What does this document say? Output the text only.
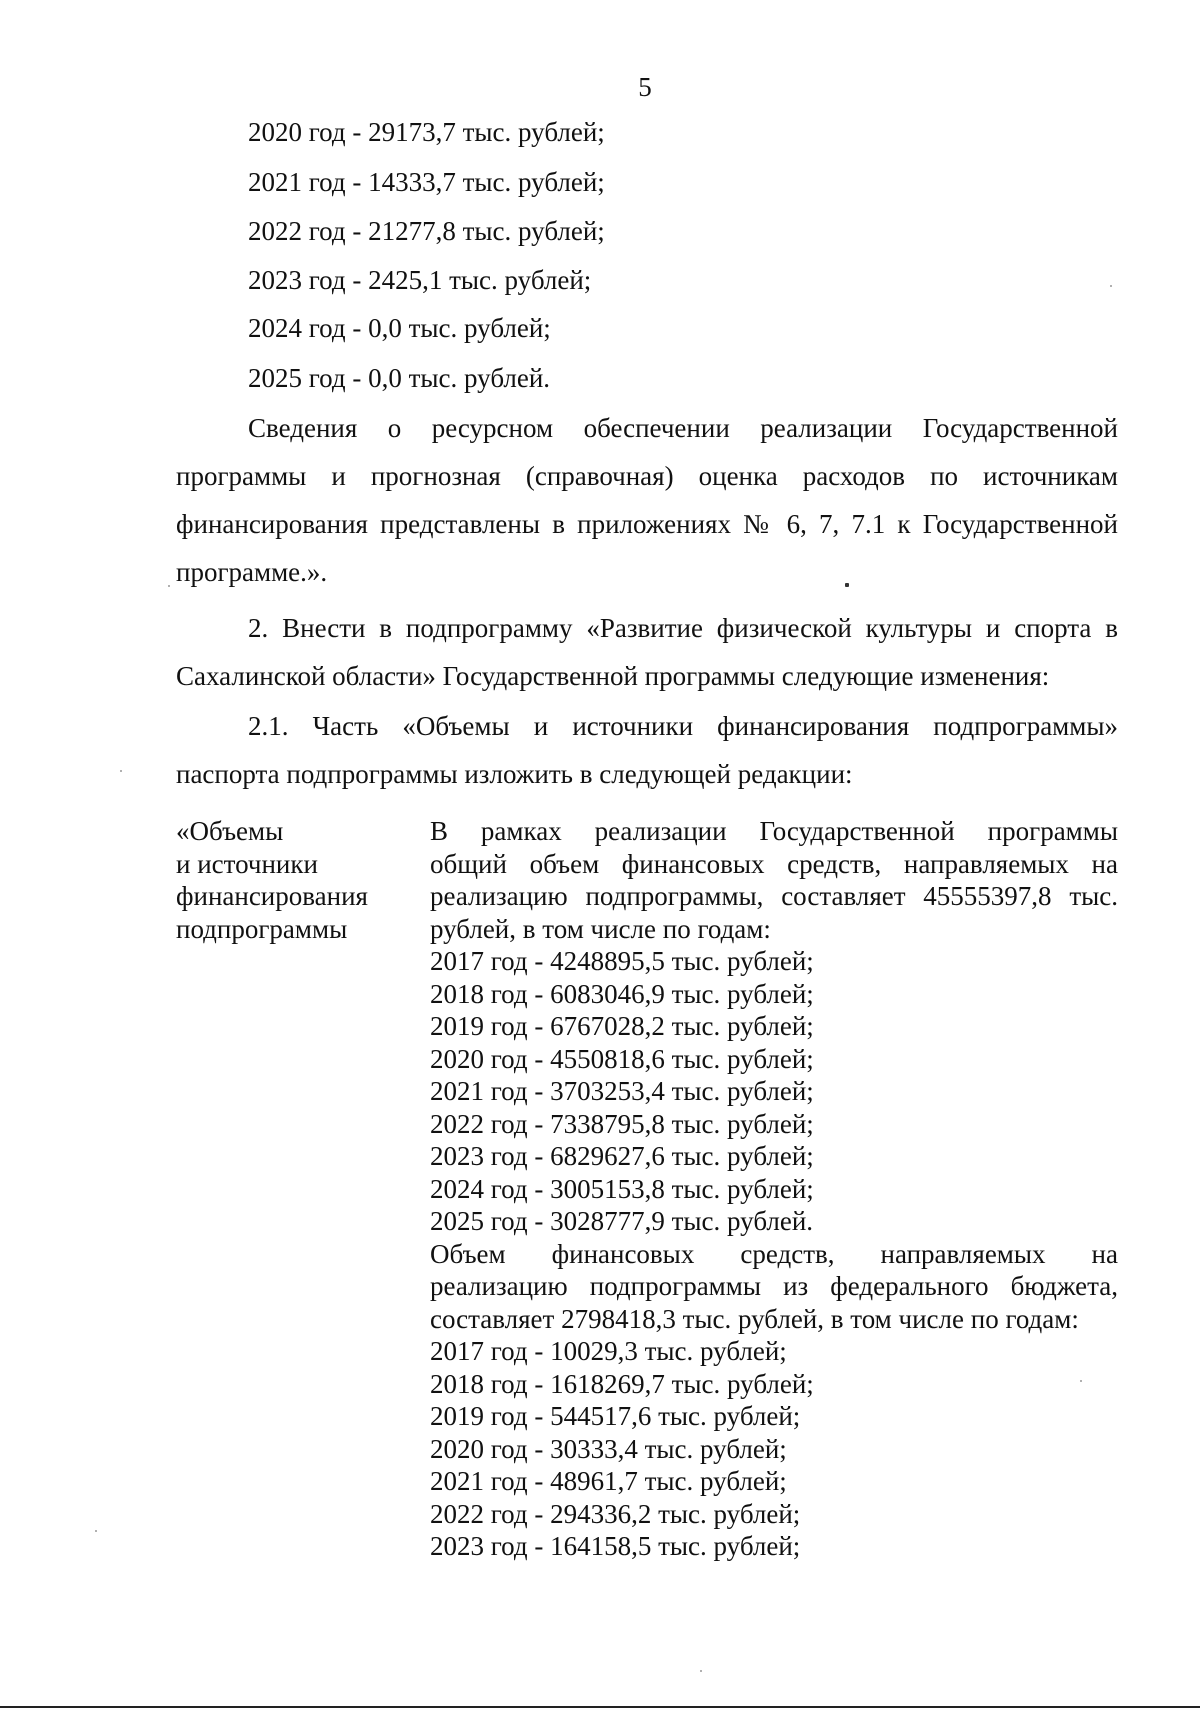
5
2020 год - 29173,7 тыс. рублей;
2021 год - 14333,7 тыс. рублей;
2022 год - 21277,8 тыс. рублей;
2023 год - 2425,1 тыс. рублей;
2024 год - 0,0 тыс. рублей;
2025 год - 0,0 тыс. рублей.
Сведения о ресурсном обеспечении реализации Государственной
программы и прогнозная (справочная) оценка расходов по источникам
финансирования представлены в приложениях № 6, 7, 7.1 к Государственной
программе.».
2. Внести в подпрограмму «Развитие физической культуры и спорта в
Сахалинской области» Государственной программы следующие изменения:
2.1. Часть «Объемы и источники финансирования подпрограммы»
паспорта подпрограммы изложить в следующей редакции:
«Объемы
и источники
финансирования
подпрограммы
В рамках реализации Государственной программы
общий объем финансовых средств, направляемых на
реализацию подпрограммы, составляет 45555397,8 тыс.
рублей, в том числе по годам:
2017 год - 4248895,5 тыс. рублей;
2018 год - 6083046,9 тыс. рублей;
2019 год - 6767028,2 тыс. рублей;
2020 год - 4550818,6 тыс. рублей;
2021 год - 3703253,4 тыс. рублей;
2022 год - 7338795,8 тыс. рублей;
2023 год - 6829627,6 тыс. рублей;
2024 год - 3005153,8 тыс. рублей;
2025 год - 3028777,9 тыс. рублей.
Объем финансовых средств, направляемых на
реализацию подпрограммы из федерального бюджета,
составляет 2798418,3 тыс. рублей, в том числе по годам:
2017 год - 10029,3 тыс. рублей;
2018 год - 1618269,7 тыс. рублей;
2019 год - 544517,6 тыс. рублей;
2020 год - 30333,4 тыс. рублей;
2021 год - 48961,7 тыс. рублей;
2022 год - 294336,2 тыс. рублей;
2023 год - 164158,5 тыс. рублей;
